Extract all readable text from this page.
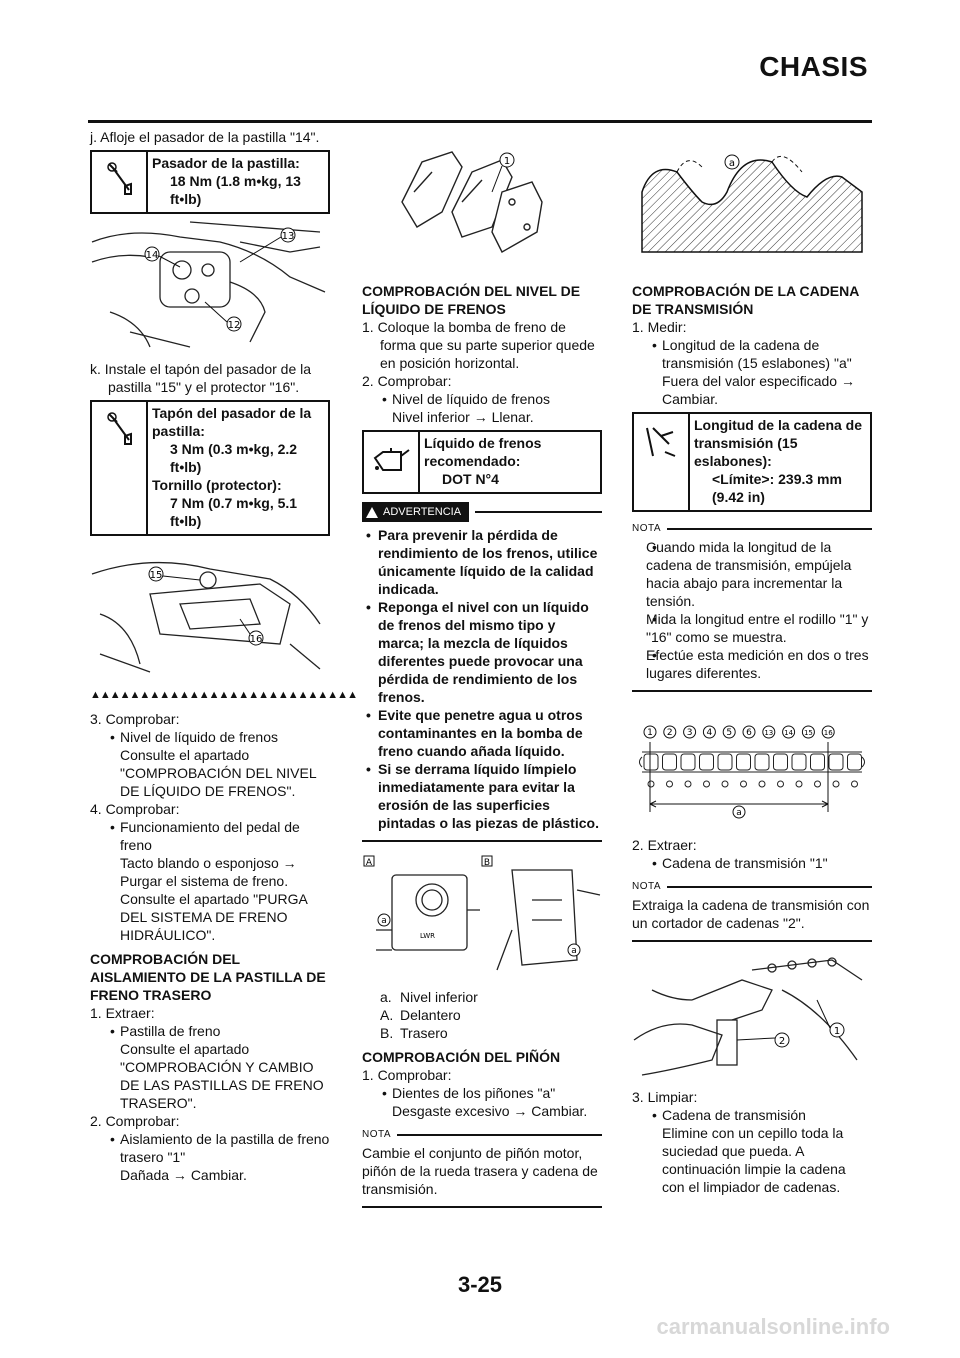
CHASIS

j. Afloje el pasador de la pastilla "14".

Pasador de la pastilla:
18 Nm (1.8 m•kg, 13 ft•lb)
13
14
12

k. Instale el tapón del pasador de la pastilla "15" y el protector "16".

Tapón del pasador de la pastilla:
3 Nm (0.3 m•kg, 2.2 ft•lb)
Tornillo (protector):
7 Nm (0.7 m•kg, 5.1 ft•lb)
15
16
▲▲▲▲▲▲▲▲▲▲▲▲▲▲▲▲▲▲▲▲▲▲▲▲▲▲▲

3. Comprobar:

• Nivel de líquido de frenos

Consulte el apartado "COMPROBACIÓN DEL NIVEL DE LÍQUIDO DE FRENOS".

4. Comprobar:

• Funcionamiento del pedal de freno

Tacto blando o esponjoso → Purgar el sistema de freno.

Consulte el apartado "PURGA DEL SISTEMA DE FRENO HIDRÁULICO".

COMPROBACIÓN DEL AISLAMIENTO DE LA PASTILLA DE FRENO TRASERO

1. Extraer:

• Pastilla de freno

Consulte el apartado "COMPROBACIÓN Y CAMBIO DE LAS PASTILLAS DE FRENO TRASERO".

2. Comprobar:

• Aislamiento de la pastilla de freno trasero "1"

Dañada → Cambiar.

1

COMPROBACIÓN DEL NIVEL DE LÍQUIDO DE FRENOS

1. Coloque la bomba de freno de forma que su parte superior quede en posición horizontal.

2. Comprobar:

• Nivel de líquido de frenos

Nivel inferior → Llenar.

Líquido de frenos recomendado:
DOT N°4
ADVERTENCIA

• Para prevenir la pérdida de rendimiento de los frenos, utilice únicamente líquido de la calidad indicada.

• Reponga el nivel con un líquido de frenos del mismo tipo y marca; la mezcla de líquidos diferentes puede provocar una pérdida de rendimiento de los frenos.

• Evite que penetre agua u otros contaminantes en la bomba de freno cuando añada líquido.

• Si se derrama líquido límpielo inmediatamente para evitar la erosión de las superficies pintadas o las piezas de plástico.

A	B
LWR
a
a
a. Nivel inferior
A. Delantero
B. Trasero

COMPROBACIÓN DEL PIÑÓN

1. Comprobar:

• Dientes de los piñones "a"

Desgaste excesivo → Cambiar.

NOTA

Cambie el conjunto de piñón motor, piñón de la rueda trasera y cadena de transmisión.

a

COMPROBACIÓN DE LA CADENA DE TRANSMISIÓN

1. Medir:

• Longitud de la cadena de transmisión (15 eslabones) "a"

Fuera del valor especificado → Cambiar.

Longitud de la cadena de transmisión (15 eslabones):
<Límite>: 239.3 mm (9.42 in)
NOTA

• Cuando mida la longitud de la cadena de transmisión, empújela hacia abajo para incrementar la tensión.

• Mida la longitud entre el rodillo "1" y "16" como se muestra.

• Efectúe esta medición en dos o tres lugares diferentes.

1 2 3 4 5 6 13 14 15 16
a

2. Extraer:

• Cadena de transmisión "1"

NOTA

Extraiga la cadena de transmisión con un cortador de cadenas "2".

2
1

3. Limpiar:

• Cadena de transmisión

Elimine con un cepillo toda la suciedad que pueda. A continuación limpie la cadena con el limpiador de cadenas.

3-25
carmanualsonline.info
